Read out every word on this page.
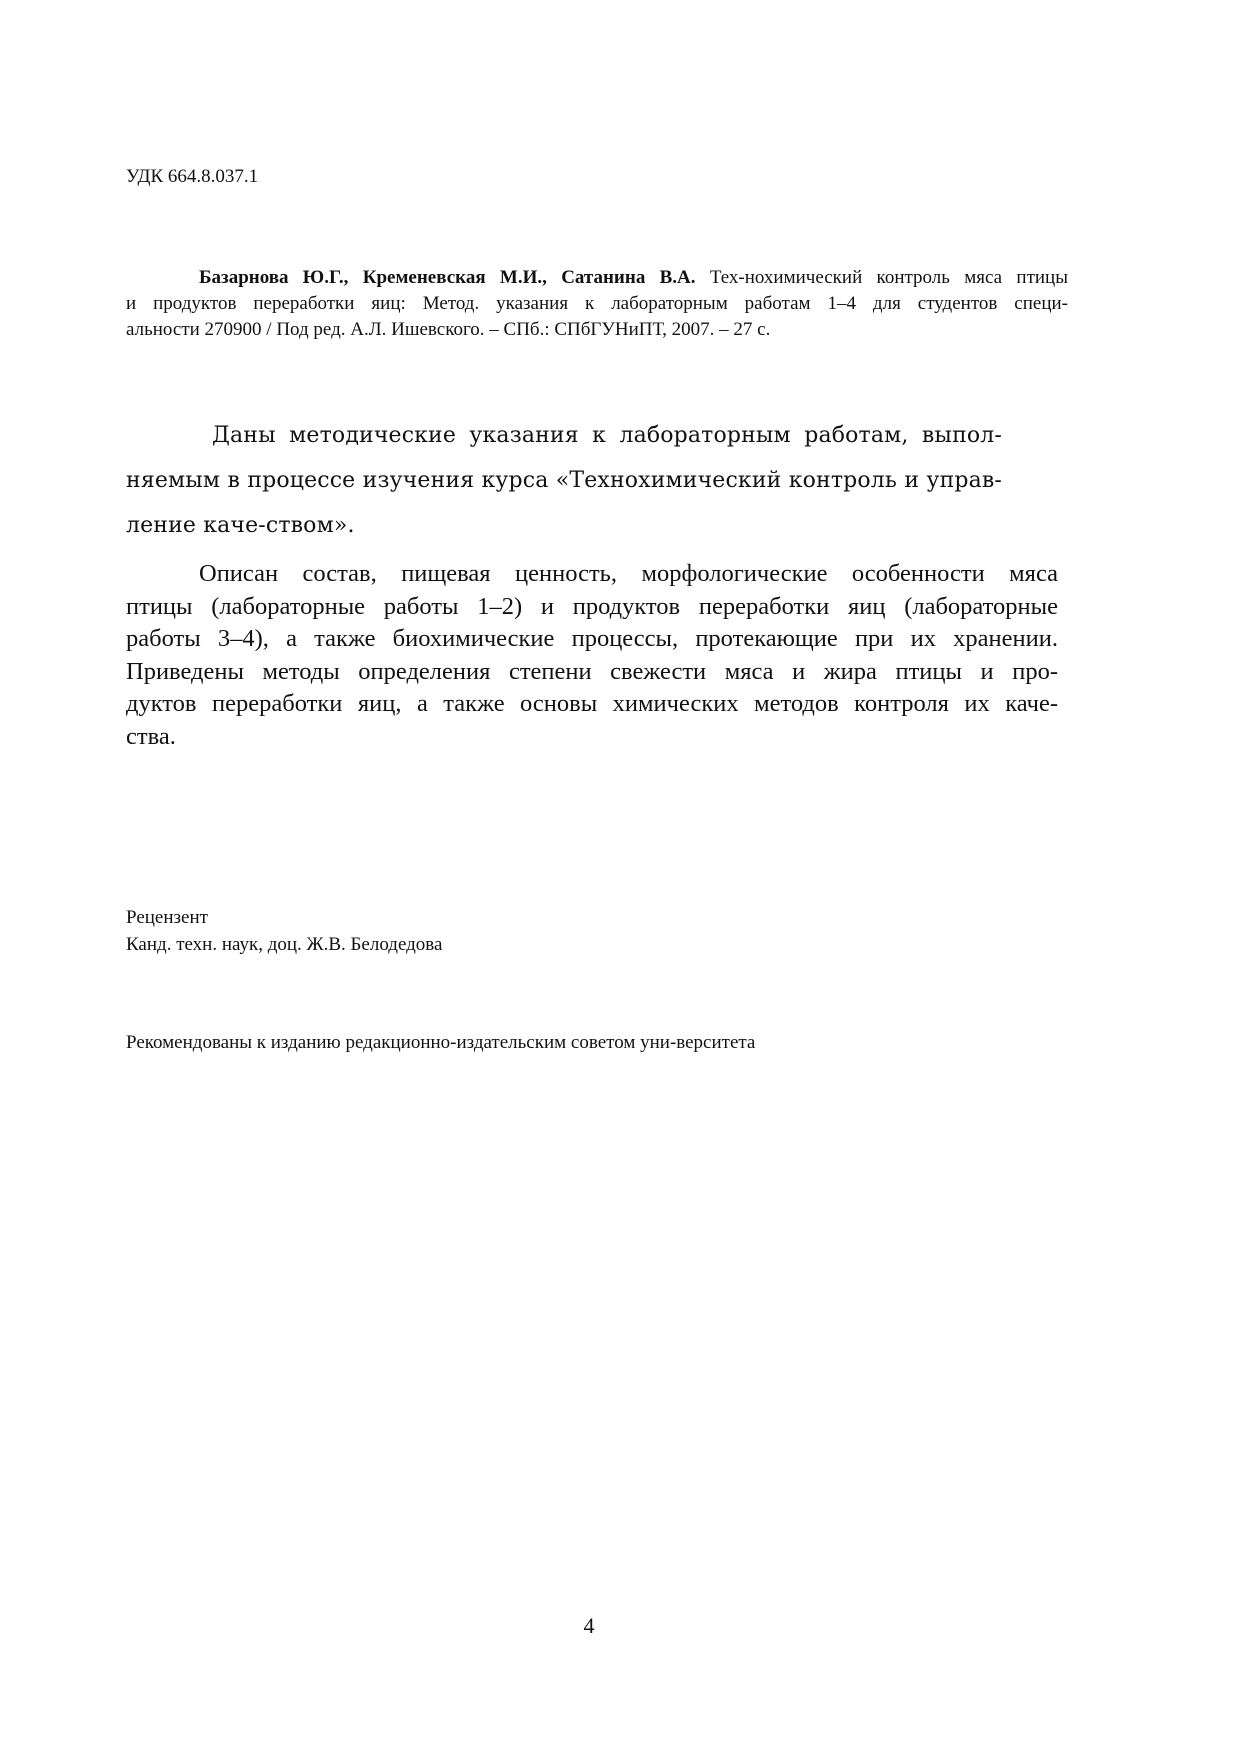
УДК 664.8.037.1
Базарнова Ю.Г., Кременевская М.И., Сатанина В.А. Тех-нохимический контроль мяса птицы
и продуктов переработки яиц: Метод. указания к лабораторным работам 1–4 для студентов специ-
альности 270900 / Под ред. А.Л. Ишевского. – СПб.: СПбГУНиПТ, 2007. – 27 с.
Даны методические указания к лабораторным работам, выпол-
няемым в процессе изучения курса «Технохимический контроль и управ-
ление каче-ством».
Описан состав, пищевая ценность, морфологические особенности мяса
птицы (лабораторные работы 1–2) и продуктов переработки яиц (лабораторные
работы 3–4), а также биохимические процессы, протекающие при их хранении.
Приведены методы определения степени свежести мяса и жира птицы и про-
дуктов переработки яиц, а также основы химических методов контроля их каче-
ства.
Рецензент
Канд. техн. наук, доц. Ж.В. Белодедова
Рекомендованы к изданию редакционно-издательским советом уни-верситета
4
